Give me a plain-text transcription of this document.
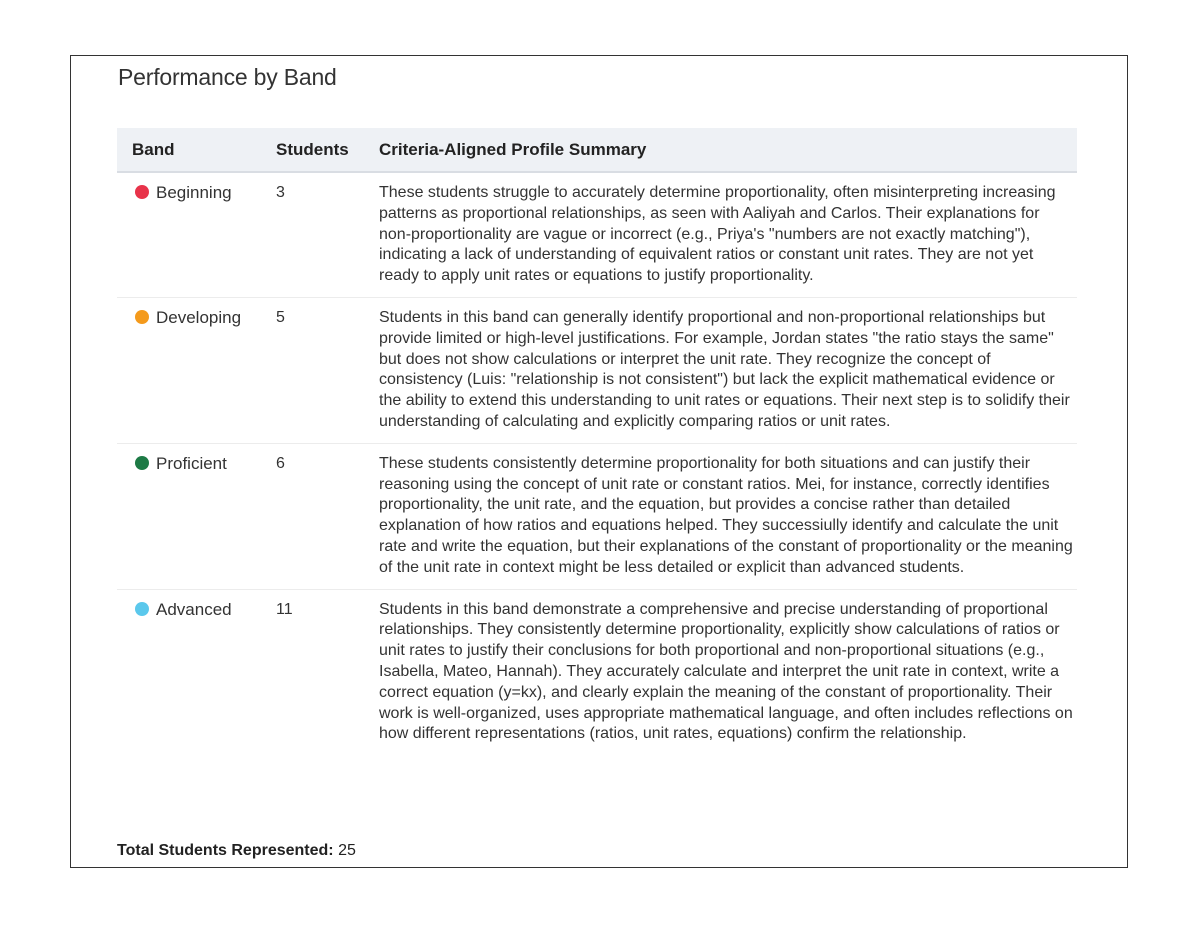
Performance by Band
Band	Students	Criteria-Aligned Profile Summary
Beginning	3	These students struggle to accurately determine proportionality, often misinterpreting increasing patterns as proportional relationships, as seen with Aaliyah and Carlos. Their explanations for non-proportionality are vague or incorrect (e.g., Priya's "numbers are not exactly matching"), indicating a lack of understanding of equivalent ratios or constant unit rates. They are not yet ready to apply unit rates or equations to justify proportionality.
Developing	5	Students in this band can generally identify proportional and non-proportional relationships but provide limited or high-level justifications. For example, Jordan states "the ratio stays the same" but does not show calculations or interpret the unit rate. They recognize the concept of consistency (Luis: "relationship is not consistent") but lack the explicit mathematical evidence or the ability to extend this understanding to unit rates or equations. Their next step is to solidify their understanding of calculating and explicitly comparing ratios or unit rates.
Proficient	6	These students consistently determine proportionality for both situations and can justify their reasoning using the concept of unit rate or constant ratios. Mei, for instance, correctly identifies proportionality, the unit rate, and the equation, but provides a concise rather than detailed explanation of how ratios and equations helped. They successiully identify and calculate the unit rate and write the equation, but their explanations of the constant of proportionality or the meaning of the unit rate in context might be less detailed or explicit than advanced students.
Advanced	11	Students in this band demonstrate a comprehensive and precise understanding of proportional relationships. They consistently determine proportionality, explicitly show calculations of ratios or unit rates to justify their conclusions for both proportional and non-proportional situations (e.g., Isabella, Mateo, Hannah). They accurately calculate and interpret the unit rate in context, write a correct equation (y=kx), and clearly explain the meaning of the constant of proportionality. Their work is well-organized, uses appropriate mathematical language, and often includes reflections on how different representations (ratios, unit rates, equations) confirm the relationship.
Total Students Represented: 25
